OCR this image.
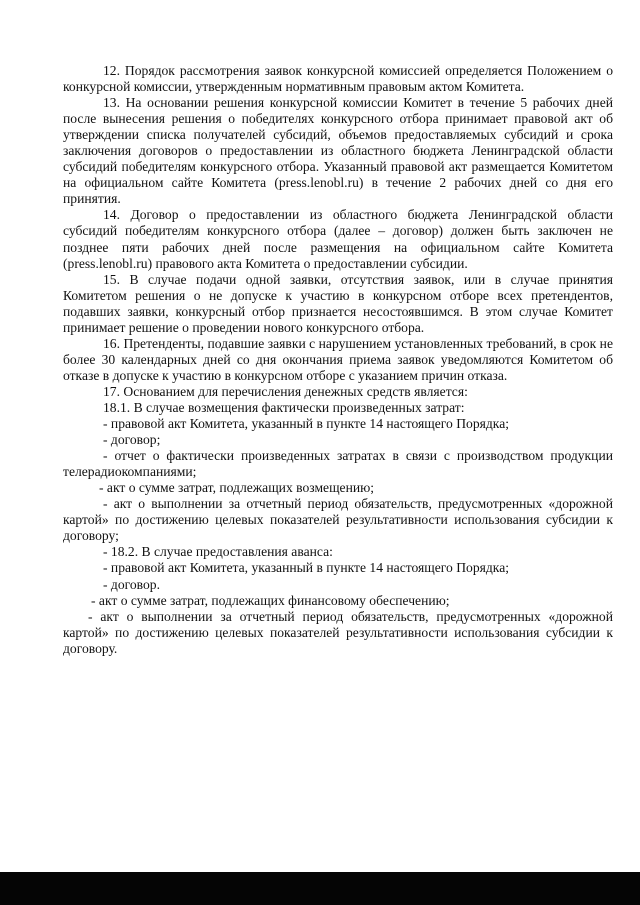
12. Порядок рассмотрения заявок конкурсной комиссией определяется Положением о конкурсной комиссии, утвержденным нормативным правовым актом Комитета.

13. На основании решения конкурсной комиссии Комитет в течение 5 рабочих дней после вынесения решения о победителях конкурсного отбора принимает правовой акт об утверждении списка получателей субсидий, объемов предоставляемых субсидий и срока заключения договоров о предоставлении из областного бюджета Ленинградской области субсидий победителям конкурсного отбора. Указанный правовой акт размещается Комитетом на официальном сайте Комитета (press.lenobl.ru) в течение 2 рабочих дней со дня его принятия.

14. Договор о предоставлении из областного бюджета Ленинградской области субсидий победителям конкурсного отбора (далее – договор) должен быть заключен не позднее пяти рабочих дней после размещения на официальном сайте Комитета (press.lenobl.ru) правового акта Комитета о предоставлении субсидии.

15. В случае подачи одной заявки, отсутствия заявок, или в случае принятия Комитетом решения о не допуске к участию в конкурсном отборе всех претендентов, подавших заявки, конкурсный отбор признается несостоявшимся. В этом случае Комитет принимает решение о проведении нового конкурсного отбора.

16. Претенденты, подавшие заявки с нарушением установленных требований, в срок не более 30 календарных дней со дня окончания приема заявок уведомляются Комитетом об отказе в допуске к участию в конкурсном отборе с указанием причин отказа.

17. Основанием для перечисления денежных средств является:

18.1. В случае возмещения фактически произведенных затрат:

- правовой акт Комитета, указанный в пункте 14 настоящего Порядка;

- договор;

- отчет о фактически произведенных затратах в связи с производством продукции телерадиокомпаниями;

- акт о сумме затрат, подлежащих возмещению;

- акт о выполнении за отчетный период обязательств, предусмотренных «дорожной картой» по достижению целевых показателей результативности использования субсидии к договору;

- 18.2. В случае предоставления аванса:

- правовой акт Комитета, указанный в пункте 14 настоящего Порядка;

- договор.

- акт о сумме затрат, подлежащих финансовому обеспечению;

- акт о выполнении за отчетный период обязательств, предусмотренных «дорожной картой» по достижению целевых показателей результативности использования субсидии к договору.
